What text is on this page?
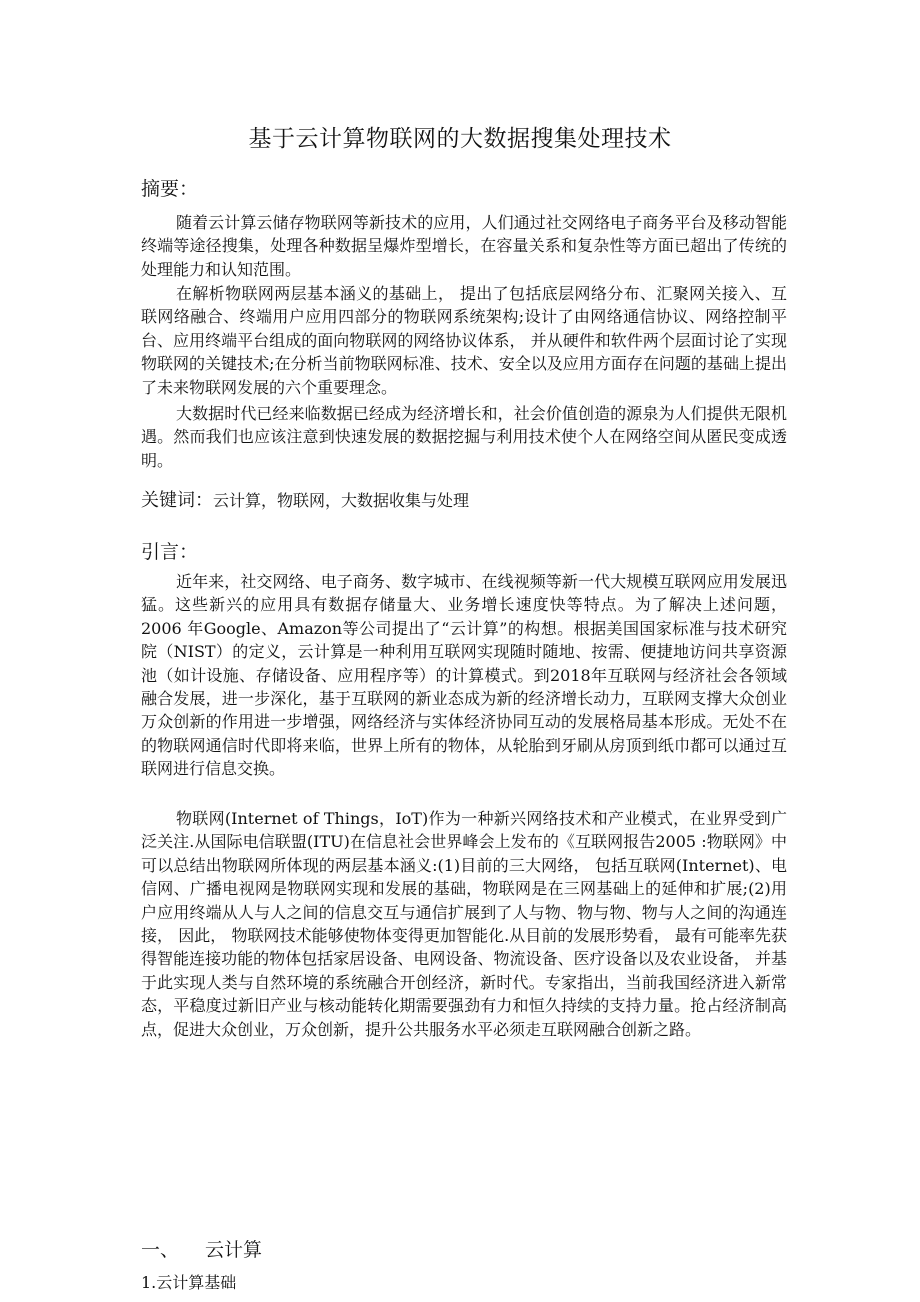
基于云计算物联网的大数据搜集处理技术
摘要：

随着云计算云储存物联网等新技术的应用，人们通过社交网络电子商务平台及移动智能终端等途径搜集，处理各种数据呈爆炸型增长，在容量关系和复杂性等方面已超出了传统的处理能力和认知范围。

在解析物联网两层基本涵义的基础上， 提出了包括底层网络分布、汇聚网关接入、互联网络融合、终端用户应用四部分的物联网系统架构;设计了由网络通信协议、网络控制平台、应用终端平台组成的面向物联网的网络协议体系， 并从硬件和软件两个层面讨论了实现物联网的关键技术;在分析当前物联网标准、技术、安全以及应用方面存在问题的基础上提出了未来物联网发展的六个重要理念。

大数据时代已经来临数据已经成为经济增长和，社会价值创造的源泉为人们提供无限机遇。然而我们也应该注意到快速发展的数据挖掘与利用技术使个人在网络空间从匿民变成透明。

关键词：云计算，物联网，大数据收集与处理
引言：

近年来，社交网络、电子商务、数字城市、在线视频等新一代大规模互联网应用发展迅猛。这些新兴的应用具有数据存储量大、业务增长速度快等特点。为了解决上述问题，2006 年Google、Amazon等公司提出了“云计算”的构想。根据美国国家标准与技术研究院（NIST）的定义，云计算是一种利用互联网实现随时随地、按需、便捷地访问共享资源池（如计设施、存储设备、应用程序等）的计算模式。到2018年互联网与经济社会各领域融合发展，进一步深化，基于互联网的新业态成为新的经济增长动力，互联网支撑大众创业万众创新的作用进一步增强，网络经济与实体经济协同互动的发展格局基本形成。无处不在的物联网通信时代即将来临，世界上所有的物体，从轮胎到牙刷从房顶到纸巾都可以通过互联网进行信息交换。

物联网(Internet of Things，IoT)作为一种新兴网络技术和产业模式，在业界受到广泛关注.从国际电信联盟(ITU)在信息社会世界峰会上发布的《互联网报告2005 :物联网》中可以总结出物联网所体现的两层基本涵义:(1)目前的三大网络， 包括互联网(Internet)、电信网、广播电视网是物联网实现和发展的基础，物联网是在三网基础上的延伸和扩展;(2)用户应用终端从人与人之间的信息交互与通信扩展到了人与物、物与物、物与人之间的沟通连接， 因此， 物联网技术能够使物体变得更加智能化.从目前的发展形势看， 最有可能率先获得智能连接功能的物体包括家居设备、电网设备、物流设备、医疗设备以及农业设备， 并基于此实现人类与自然环境的系统融合开创经济，新时代。专家指出，当前我国经济进入新常态，平稳度过新旧产业与核动能转化期需要强劲有力和恒久持续的支持力量。抢占经济制高点，促进大众创业，万众创新，提升公共服务水平必须走互联网融合创新之路。

一、 云计算
1.云计算基础
